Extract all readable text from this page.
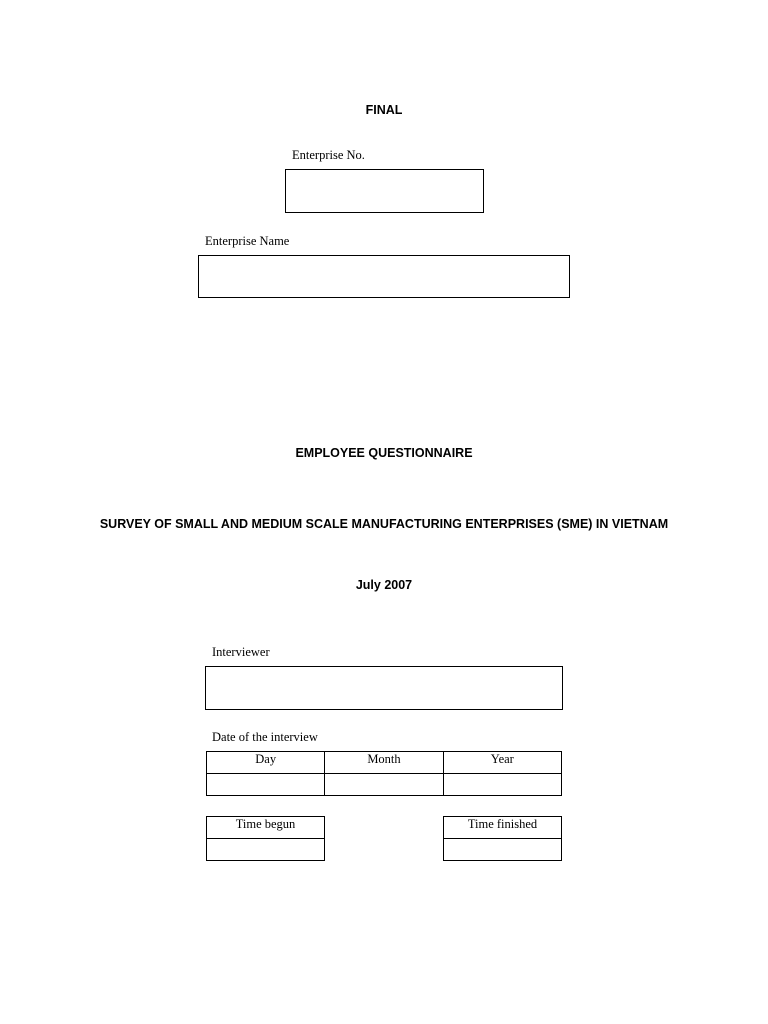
FINAL

Enterprise No.
Enterprise Name

EMPLOYEE QUESTIONNAIRE

SURVEY OF SMALL AND MEDIUM SCALE MANUFACTURING ENTERPRISES (SME) IN VIETNAM

July 2007

Interviewer
Date of the interview
Day	Month	Year

Time begun	Time finished
